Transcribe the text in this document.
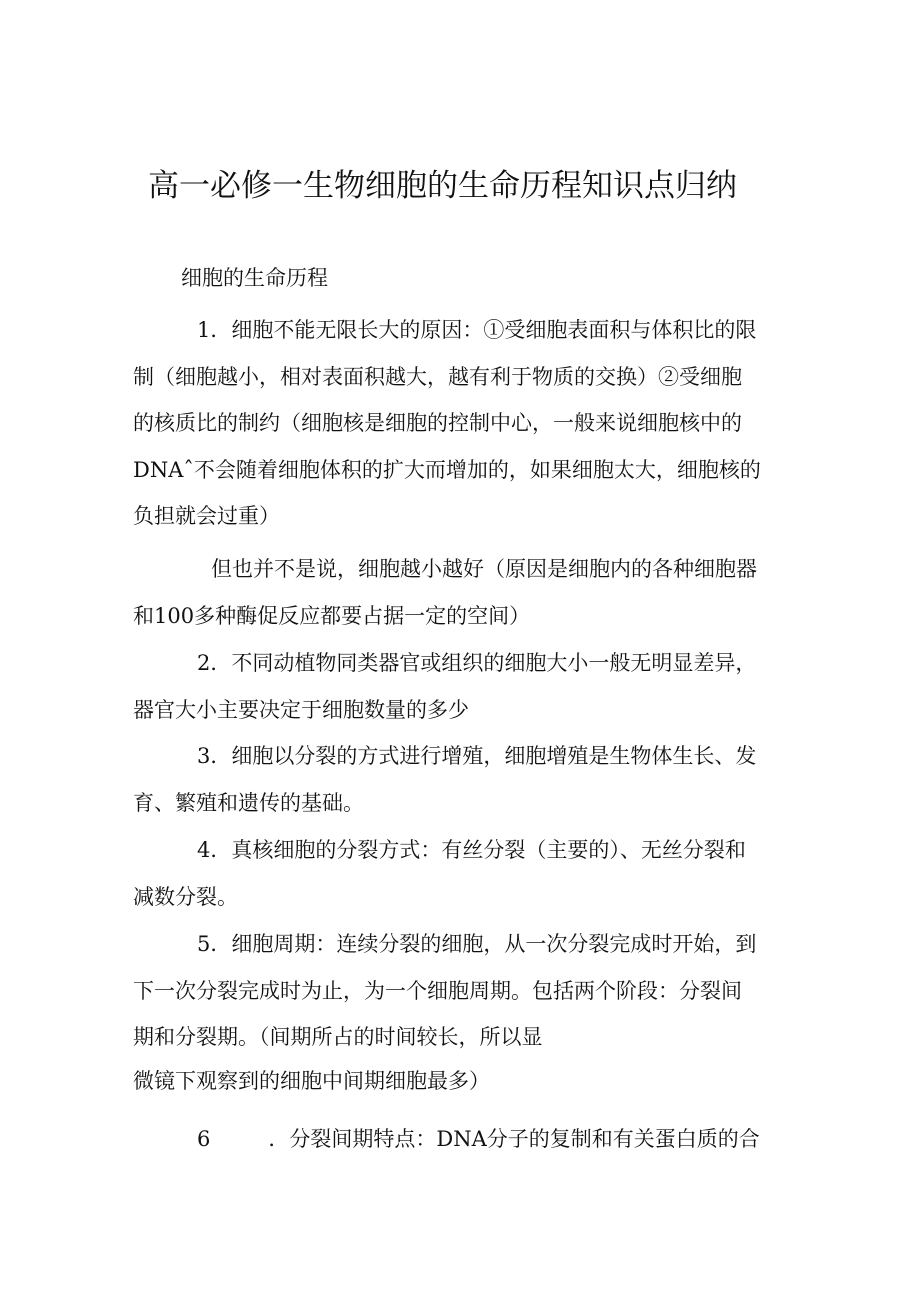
高一必修一生物细胞的生命历程知识点归纳
细胞的生命历程
1．细胞不能无限长大的原因：①受细胞表面积与体积比的限
制（细胞越小，相对表面积越大，越有利于物质的交换）②受细胞
的核质比的制约（细胞核是细胞的控制中心，一般来说细胞核中的
DNAˆ不会随着细胞体积的扩大而增加的，如果细胞太大，细胞核的
负担就会过重）
但也并不是说，细胞越小越好（原因是细胞内的各种细胞器
和100多种酶促反应都要占据一定的空间）
2．不同动植物同类器官或组织的细胞大小一般无明显差异，
器官大小主要决定于细胞数量的多少
3．细胞以分裂的方式进行增殖，细胞增殖是生物体生长、发
育、繁殖和遗传的基础。
4．真核细胞的分裂方式：有丝分裂（主要的）、无丝分裂和
减数分裂。
5．细胞周期：连续分裂的细胞，从一次分裂完成时开始，到
下一次分裂完成时为止，为一个细胞周期。包括两个阶段：分裂间
期和分裂期。（间期所占的时间较长，所以显
微镜下观察到的细胞中间期细胞最多）
6	．分裂间期特点：DNA分子的复制和有关蛋白质的合
